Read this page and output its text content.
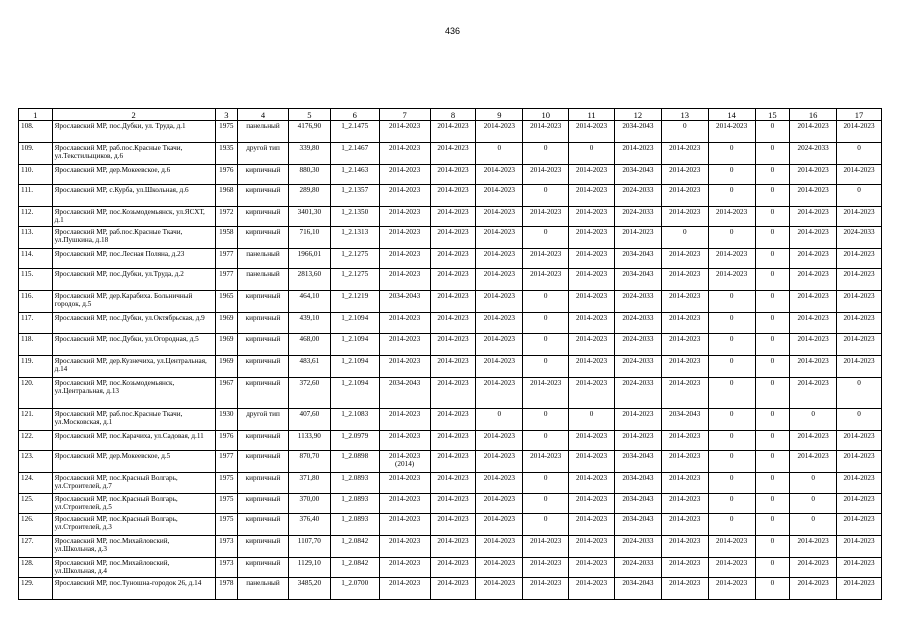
436
1	2	3	4	5	6	7	8	9	10	11	12	13	14	15	16	17
108.	Ярославский МР, пос.Дубки, ул. Труда, д.1	1975	панельный	4176,90	1_2.1475	2014-2023	2014-2023	2014-2023	2014-2023	2014-2023	2034-2043	0	2014-2023	0	2014-2023	2014-2023
109.	Ярославский МР, раб.пос.Красные Ткачи, ул.Текстильщиков, д.6	1935	другой тип	339,80	1_2.1467	2014-2023	2014-2023	0	0	0	2014-2023	2014-2023	0	0	2024-2033	0
110.	Ярославский МР, дер.Мокеевское, д.6	1976	кирпичный	880,30	1_2.1463	2014-2023	2014-2023	2014-2023	2014-2023	2014-2023	2034-2043	2014-2023	0	0	2014-2023	2014-2023
111.	Ярославский МР, с.Курба, ул.Школьная, д.6	1968	кирпичный	289,80	1_2.1357	2014-2023	2014-2023	2014-2023	0	2014-2023	2024-2033	2014-2023	0	0	2014-2023	0
112.	Ярославский МР, пос.Козьмодемьянск, ул.ЯСХТ, д.1	1972	кирпичный	3401,30	1_2.1350	2014-2023	2014-2023	2014-2023	2014-2023	2014-2023	2024-2033	2014-2023	2014-2023	0	2014-2023	2014-2023
113.	Ярославский МР, раб.пос.Красные Ткачи, ул.Пушкина, д.18	1958	кирпичный	716,10	1_2.1313	2014-2023	2014-2023	2014-2023	0	2014-2023	2014-2023	0	0	0	2014-2023	2024-2033
114.	Ярославский МР, пос.Лесная Поляна, д.23	1977	панельный	1966,01	1_2.1275	2014-2023	2014-2023	2014-2023	2014-2023	2014-2023	2034-2043	2014-2023	2014-2023	0	2014-2023	2014-2023
115.	Ярославский МР, пос.Дубки, ул.Труда, д.2	1977	панельный	2813,60	1_2.1275	2014-2023	2014-2023	2014-2023	2014-2023	2014-2023	2034-2043	2014-2023	2014-2023	0	2014-2023	2014-2023
116.	Ярославский МР, дер.Карабиха. Больничный городок, д.5	1965	кирпичный	464,10	1_2.1219	2034-2043	2014-2023	2014-2023	0	2014-2023	2024-2033	2014-2023	0	0	2014-2023	2014-2023
117.	Ярославский МР, пос.Дубки, ул.Октябрьская, д.9	1969	кирпичный	439,10	1_2.1094	2014-2023	2014-2023	2014-2023	0	2014-2023	2024-2033	2014-2023	0	0	2014-2023	2014-2023
118.	Ярославский МР, пос.Дубки, ул.Огородная, д.5	1969	кирпичный	468,00	1_2.1094	2014-2023	2014-2023	2014-2023	0	2014-2023	2024-2033	2014-2023	0	0	2014-2023	2014-2023
119.	Ярославский МР, дер.Кузнечиха, ул.Центральная, д.14	1969	кирпичный	483,61	1_2.1094	2014-2023	2014-2023	2014-2023	0	2014-2023	2024-2033	2014-2023	0	0	2014-2023	2014-2023
120.	Ярославский МР, пос.Козьмодемьянск, ул.Центральная, д.13	1967	кирпичный	372,60	1_2.1094	2034-2043	2014-2023	2014-2023	2014-2023	2014-2023	2024-2033	2014-2023	0	0	2014-2023	0
121.	Ярославский МР, раб.пос.Красные Ткачи, ул.Московская, д.1	1930	другой тип	407,60	1_2.1083	2014-2023	2014-2023	0	0	0	2014-2023	2034-2043	0	0	0	0
122.	Ярославский МР, пос.Карачиха, ул.Садовая, д.11	1976	кирпичный	1133,90	1_2.0979	2014-2023	2014-2023	2014-2023	0	2014-2023	2014-2023	2014-2023	0	0	2014-2023	2014-2023
123.	Ярославский МР, дер.Мокеевское, д.5	1977	кирпичный	870,70	1_2.0898	2014-2023 (2014)	2014-2023	2014-2023	2014-2023	2014-2023	2034-2043	2014-2023	0	0	2014-2023	2014-2023
124.	Ярославский МР, пос.Красный Волгарь, ул.Строителей, д.7	1975	кирпичный	371,80	1_2.0893	2014-2023	2014-2023	2014-2023	0	2014-2023	2034-2043	2014-2023	0	0	0	2014-2023
125.	Ярославский МР, пос.Красный Волгарь, ул.Строителей, д.5	1975	кирпичный	370,00	1_2.0893	2014-2023	2014-2023	2014-2023	0	2014-2023	2034-2043	2014-2023	0	0	0	2014-2023
126.	Ярославский МР, пос.Красный Волгарь, ул.Строителей, д.3	1975	кирпичный	376,40	1_2.0893	2014-2023	2014-2023	2014-2023	0	2014-2023	2034-2043	2014-2023	0	0	0	2014-2023
127.	Ярославский МР, пос.Михайловский, ул.Школьная, д.3	1973	кирпичный	1107,70	1_2.0842	2014-2023	2014-2023	2014-2023	2014-2023	2014-2023	2024-2033	2014-2023	2014-2023	0	2014-2023	2014-2023
128.	Ярославский МР, пос.Михайловский, ул.Школьная, д.4	1973	кирпичный	1129,10	1_2.0842	2014-2023	2014-2023	2014-2023	2014-2023	2014-2023	2024-2033	2014-2023	2014-2023	0	2014-2023	2014-2023
129.	Ярославский МР, пос.Туношна-городок 26, д.14	1978	панельный	3485,20	1_2.0700	2014-2023	2014-2023	2014-2023	2014-2023	2014-2023	2034-2043	2014-2023	2014-2023	0	2014-2023	2014-2023
